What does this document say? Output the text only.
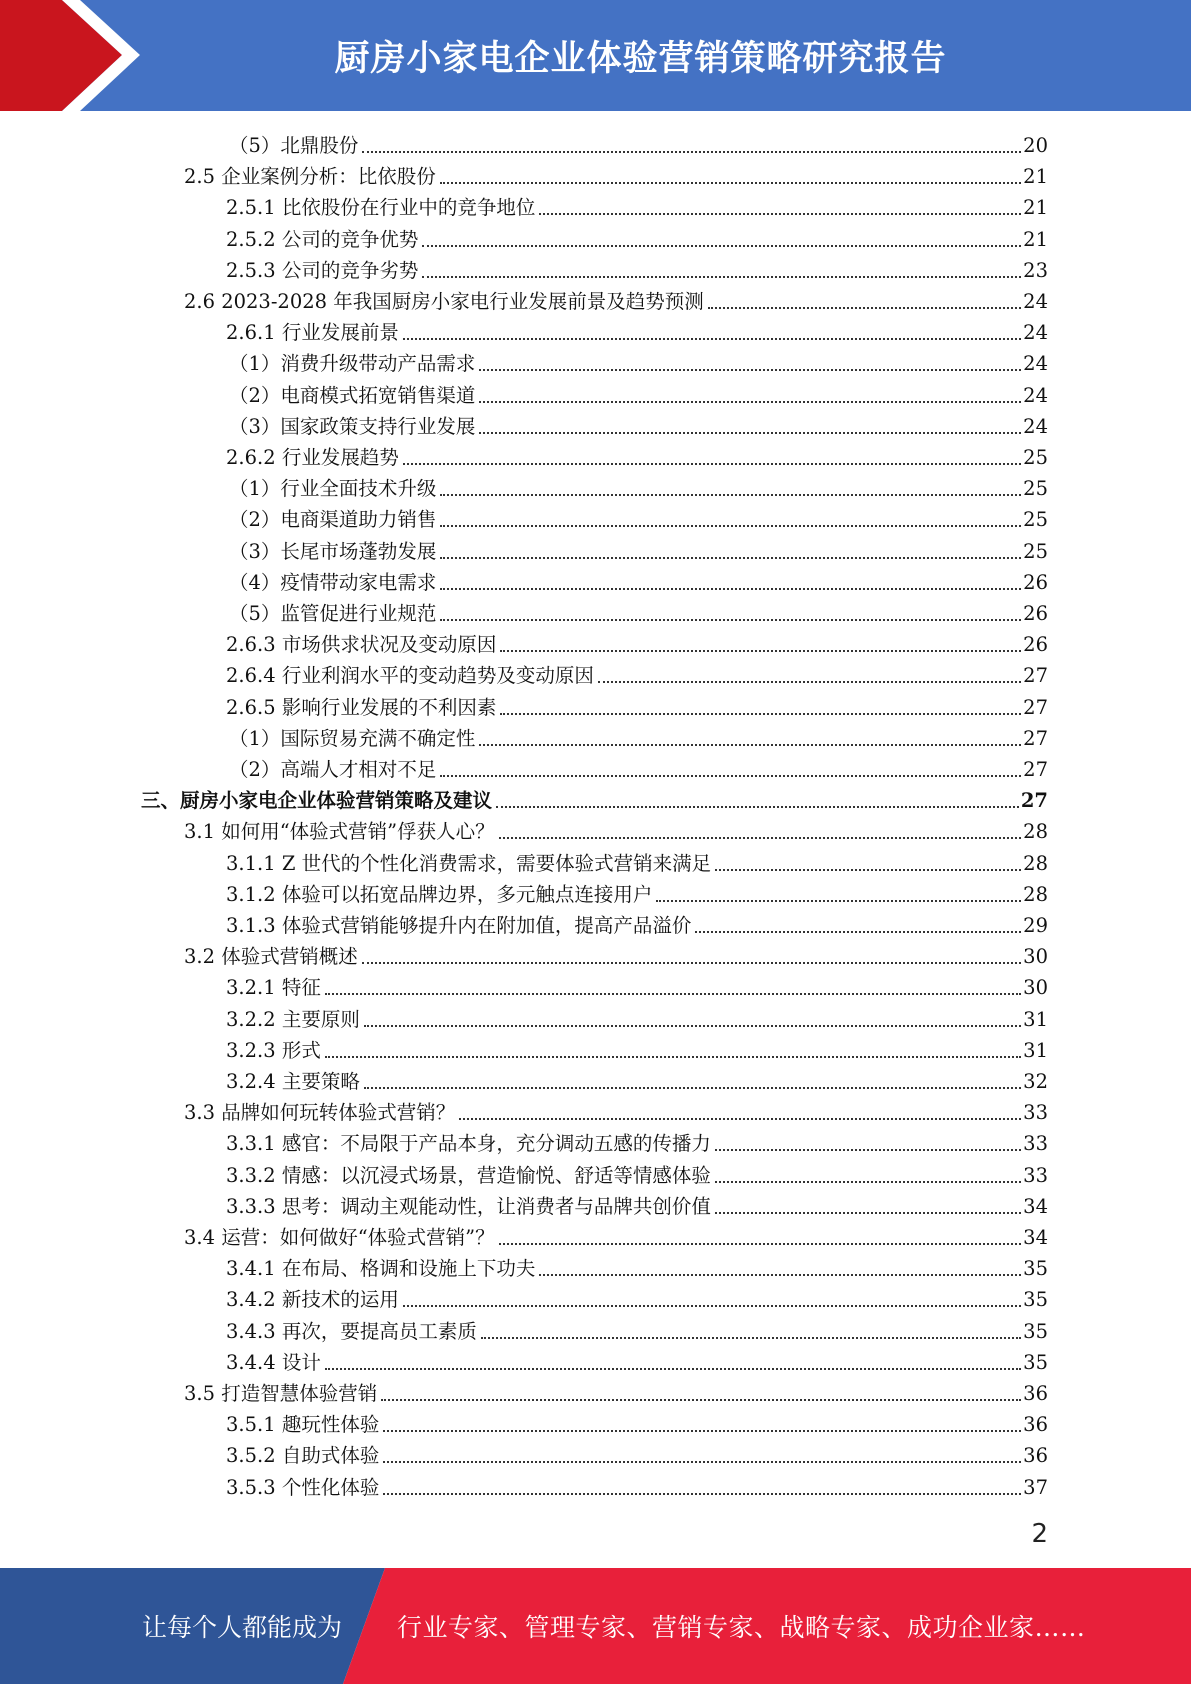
厨房小家电企业体验营销策略研究报告
（5）北鼎股份	20
2.5 企业案例分析：比依股份	21
2.5.1 比依股份在行业中的竞争地位	21
2.5.2 公司的竞争优势	21
2.5.3 公司的竞争劣势	23
2.6 2023-2028 年我国厨房小家电行业发展前景及趋势预测	24
2.6.1 行业发展前景	24
（1）消费升级带动产品需求	24
（2）电商模式拓宽销售渠道	24
（3）国家政策支持行业发展	24
2.6.2 行业发展趋势	25
（1）行业全面技术升级	25
（2）电商渠道助力销售	25
（3）长尾市场蓬勃发展	25
（4）疫情带动家电需求	26
（5）监管促进行业规范	26
2.6.3 市场供求状况及变动原因	26
2.6.4 行业利润水平的变动趋势及变动原因	27
2.6.5 影响行业发展的不利因素	27
（1）国际贸易充满不确定性	27
（2）高端人才相对不足	27
三、厨房小家电企业体验营销策略及建议	27
3.1 如何用“体验式营销”俘获人心？	28
3.1.1 Z 世代的个性化消费需求，需要体验式营销来满足	28
3.1.2 体验可以拓宽品牌边界，多元触点连接用户	28
3.1.3 体验式营销能够提升内在附加值，提高产品溢价	29
3.2 体验式营销概述	30
3.2.1 特征	30
3.2.2 主要原则	31
3.2.3 形式	31
3.2.4 主要策略	32
3.3 品牌如何玩转体验式营销？	33
3.3.1 感官：不局限于产品本身，充分调动五感的传播力	33
3.3.2 情感：以沉浸式场景，营造愉悦、舒适等情感体验	33
3.3.3 思考：调动主观能动性，让消费者与品牌共创价值	34
3.4 运营：如何做好“体验式营销”？	34
3.4.1 在布局、格调和设施上下功夫	35
3.4.2 新技术的运用	35
3.4.3 再次，要提高员工素质	35
3.4.4 设计	35
3.5 打造智慧体验营销	36
3.5.1 趣玩性体验	36
3.5.2 自助式体验	36
3.5.3 个性化体验	37
2
让每个人都能成为 行业专家、管理专家、营销专家、战略专家、成功企业家……
